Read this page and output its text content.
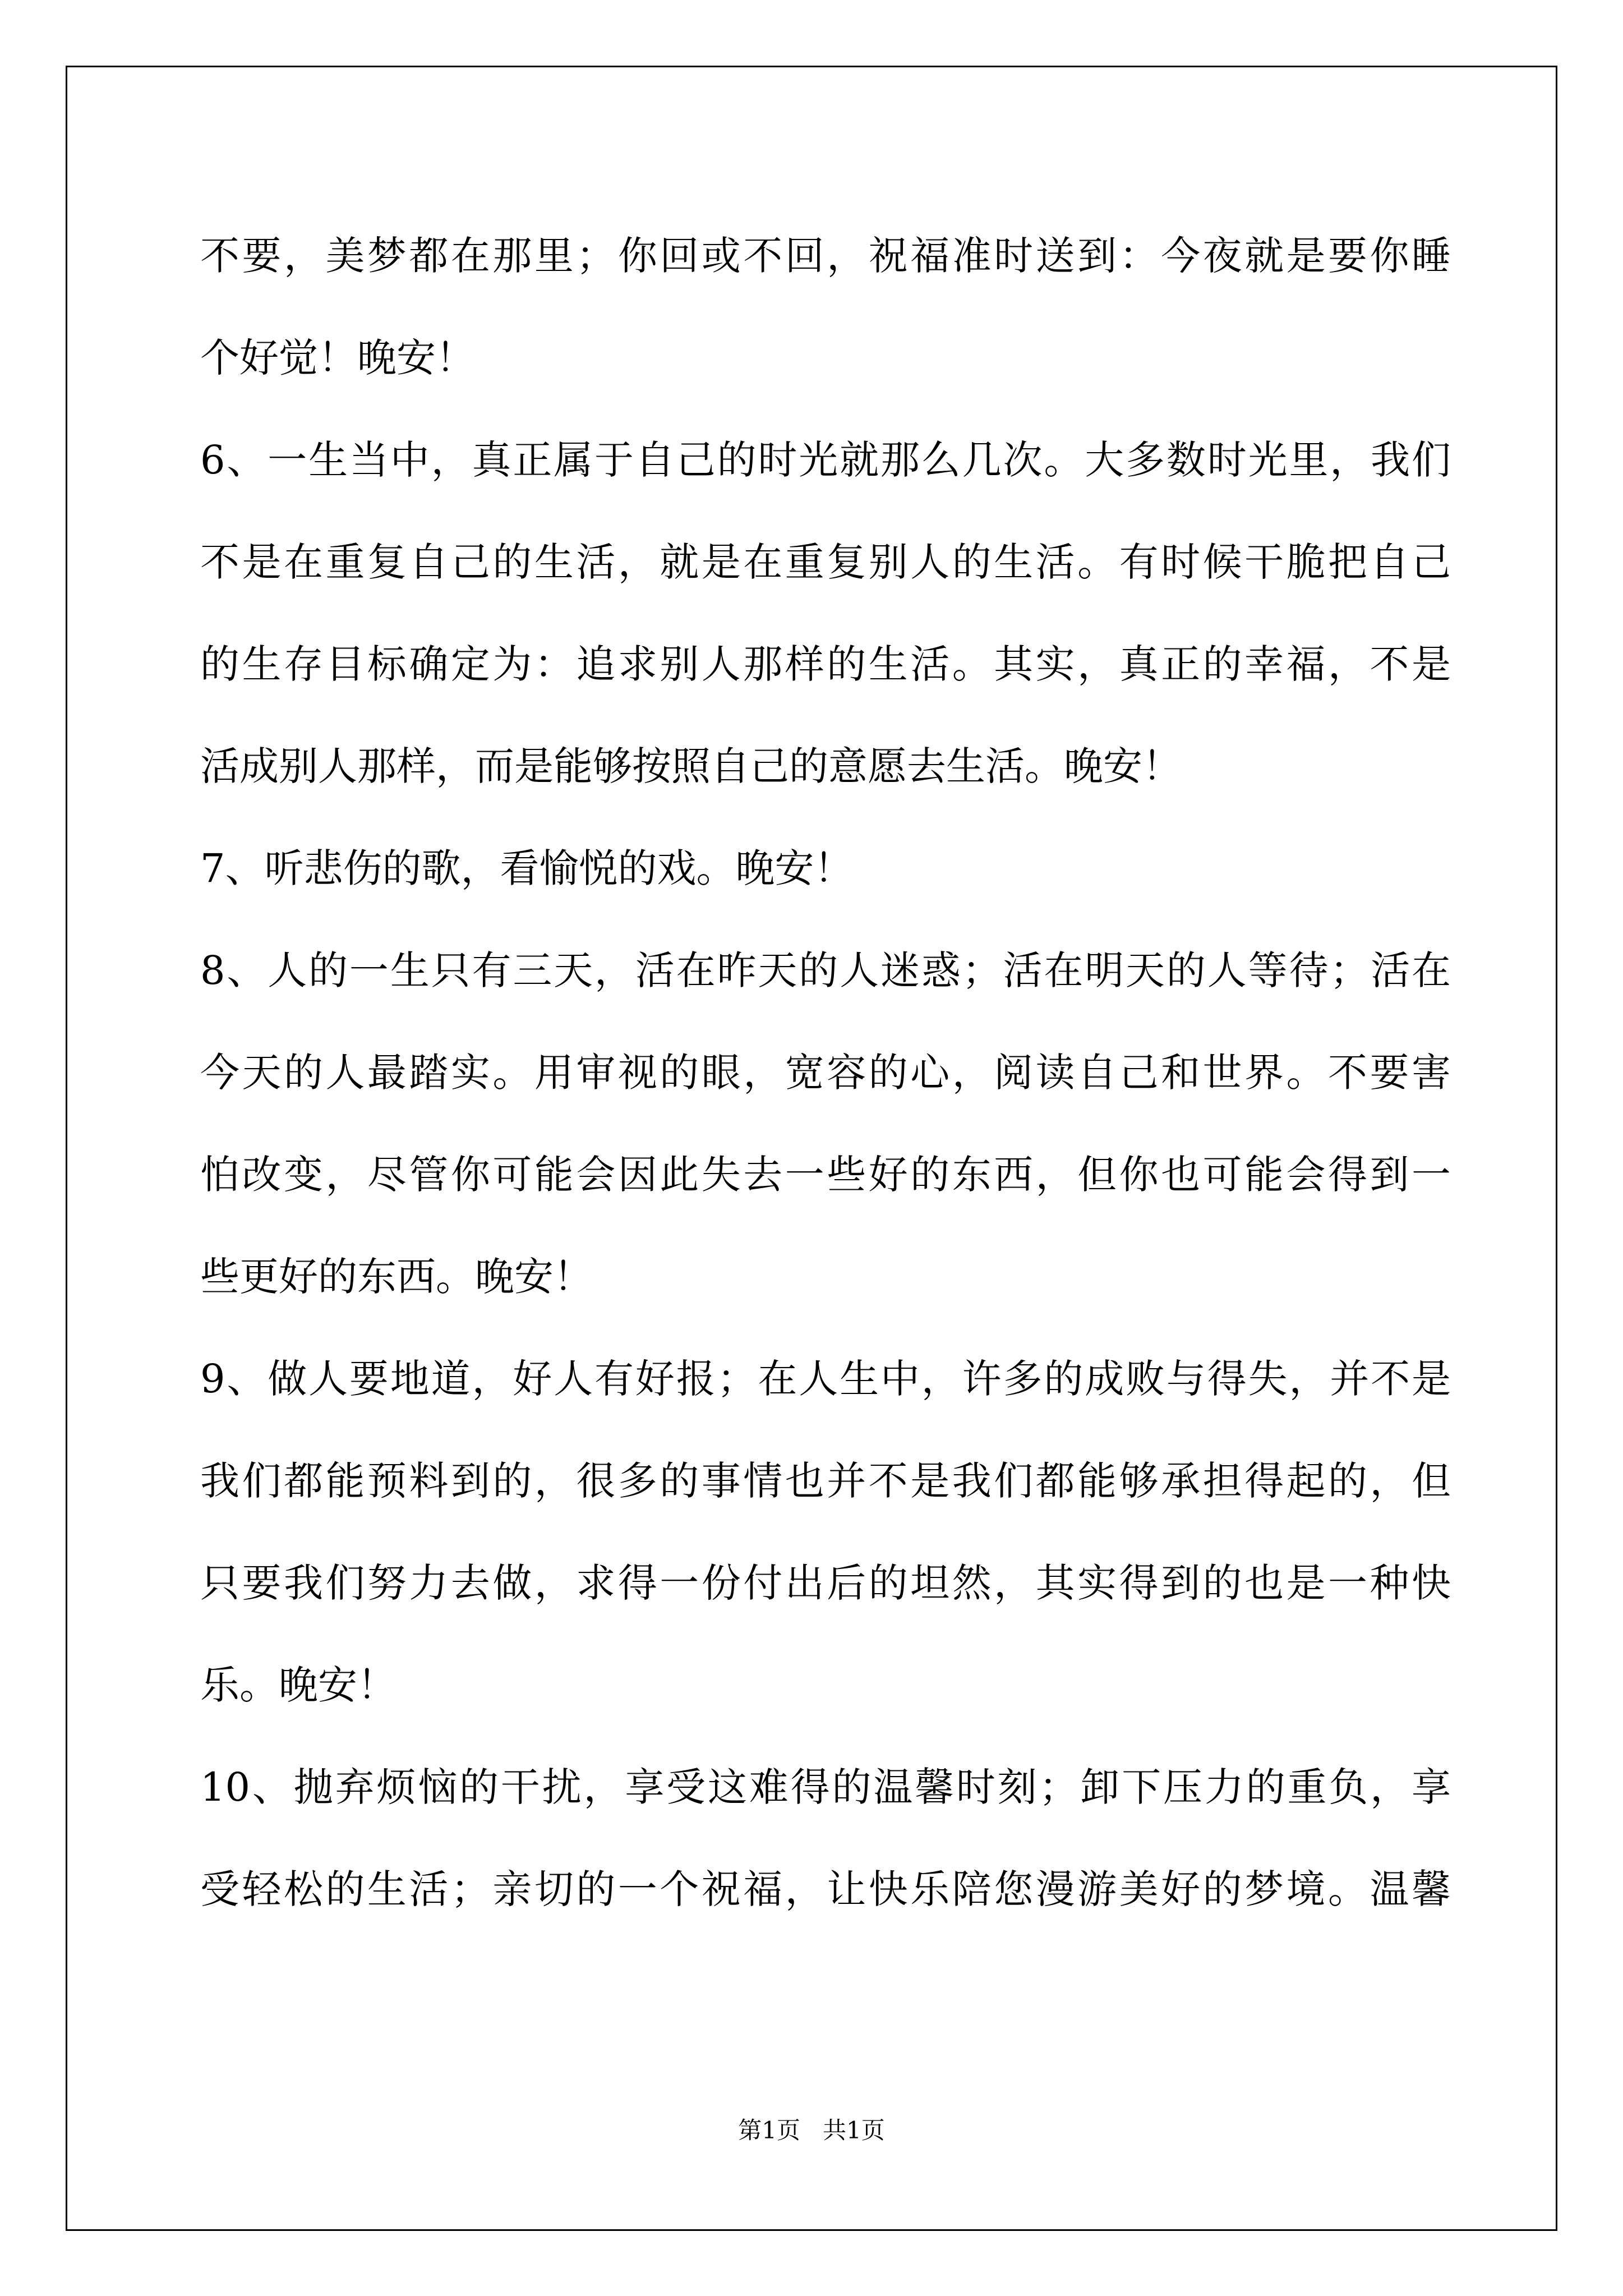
不要，美梦都在那里；你回或不回，祝福准时送到：今夜就是要你睡
个好觉！晚安！
6、一生当中，真正属于自己的时光就那么几次。大多数时光里，我们
不是在重复自己的生活，就是在重复别人的生活。有时候干脆把自己
的生存目标确定为：追求别人那样的生活。其实，真正的幸福，不是
活成别人那样，而是能够按照自己的意愿去生活。晚安！
7、听悲伤的歌，看愉悦的戏。晚安！
8、人的一生只有三天，活在昨天的人迷惑；活在明天的人等待；活在
今天的人最踏实。用审视的眼，宽容的心，阅读自己和世界。不要害
怕改变，尽管你可能会因此失去一些好的东西，但你也可能会得到一
些更好的东西。晚安！
9、做人要地道，好人有好报；在人生中，许多的成败与得失，并不是
我们都能预料到的，很多的事情也并不是我们都能够承担得起的，但
只要我们努力去做，求得一份付出后的坦然，其实得到的也是一种快
乐。晚安！
10、抛弃烦恼的干扰，享受这难得的温馨时刻；卸下压力的重负，享
受轻松的生活；亲切的一个祝福，让快乐陪您漫游美好的梦境。温馨
第1页   共1页
